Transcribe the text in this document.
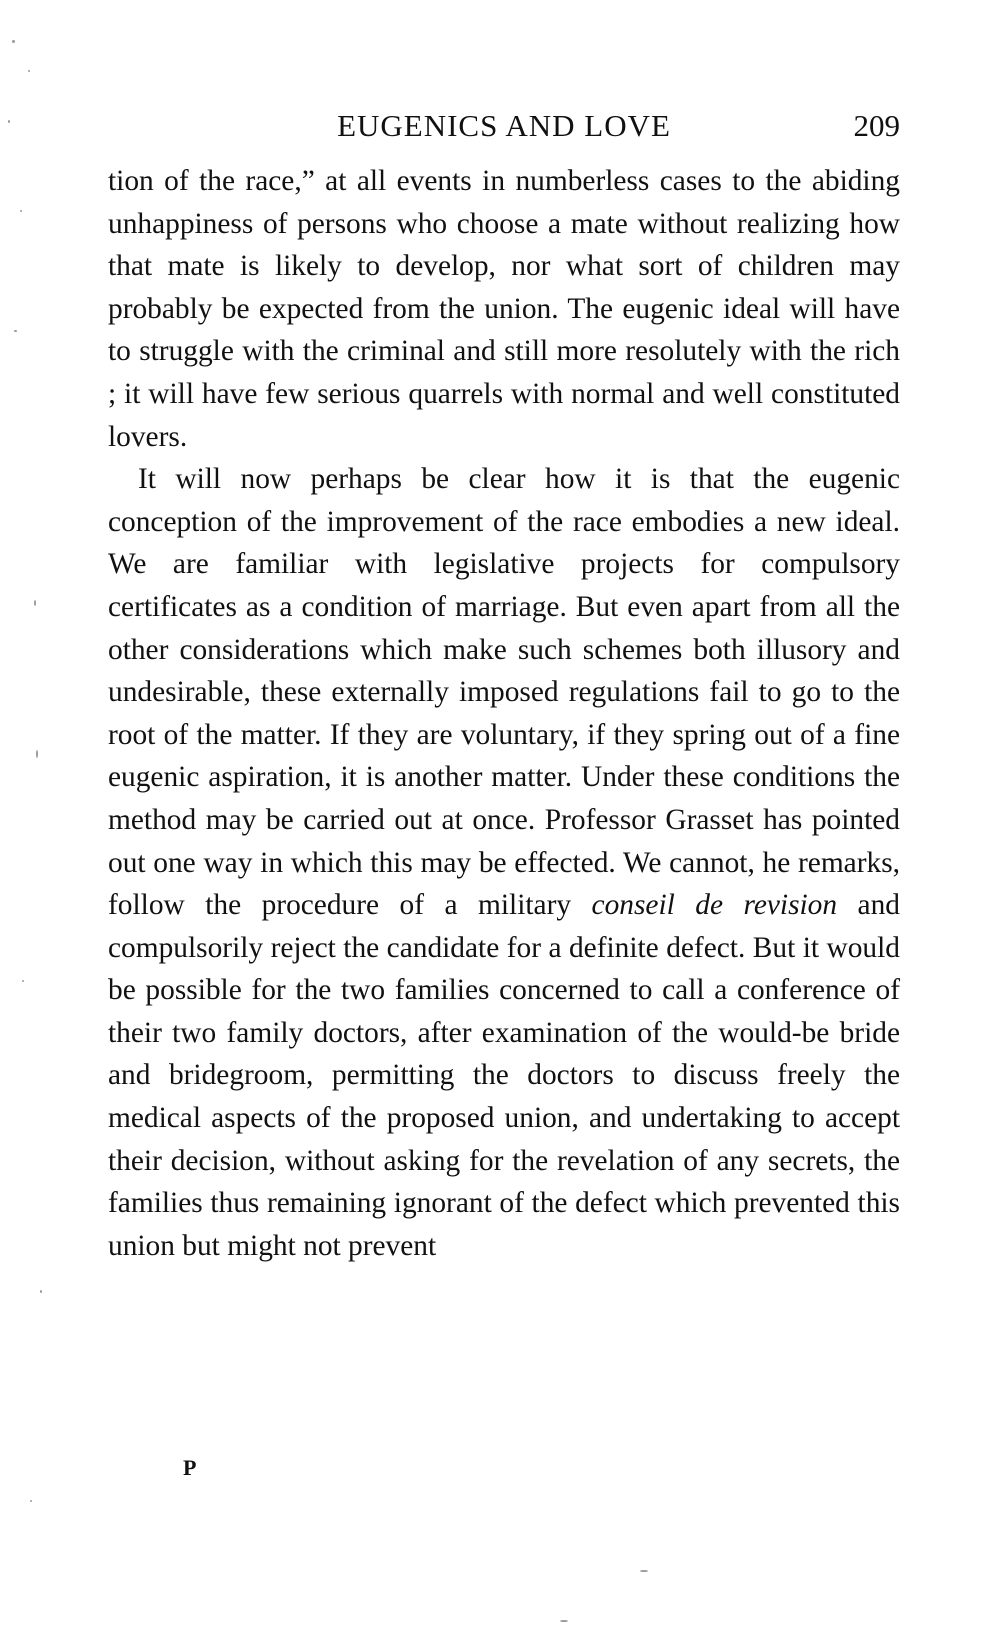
EUGENICS AND LOVE	209

tion of the race,” at all events in numberless cases to the abiding unhappiness of persons who choose a mate without realizing how that mate is likely to develop, nor what sort of children may probably be expected from the union. The eugenic ideal will have to struggle with the criminal and still more resolutely with the rich ; it will have few serious quarrels with normal and well constituted lovers.

It will now perhaps be clear how it is that the eugenic conception of the improvement of the race embodies a new ideal. We are familiar with legislative projects for compulsory certificates as a condition of marriage. But even apart from all the other considerations which make such schemes both illusory and undesirable, these externally imposed regulations fail to go to the root of the matter. If they are voluntary, if they spring out of a fine eugenic aspiration, it is another matter. Under these conditions the method may be carried out at once. Professor Grasset has pointed out one way in which this may be effected. We cannot, he remarks, follow the procedure of a military conseil de revision and compulsorily reject the candidate for a definite defect. But it would be possible for the two families concerned to call a conference of their two family doctors, after examination of the would-be bride and bridegroom, permitting the doctors to discuss freely the medical aspects of the proposed union, and undertaking to accept their decision, without asking for the revelation of any secrets, the families thus remaining ignorant of the defect which prevented this union but might not prevent

P
